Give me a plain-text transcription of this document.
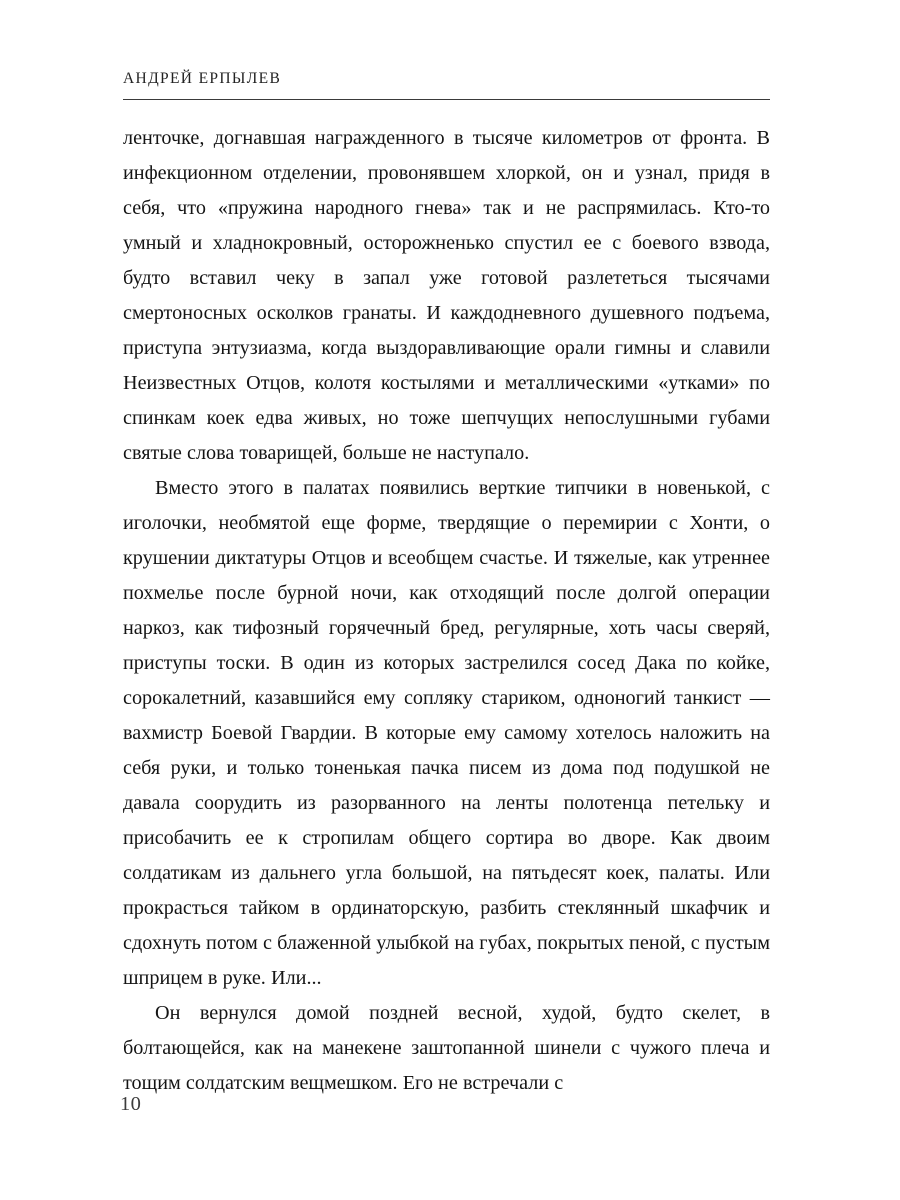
АНДРЕЙ ЕРПЫЛЕВ

ленточке, догнавшая награжденного в тысяче километров от фронта. В инфекционном отделении, провонявшем хлоркой, он и узнал, придя в себя, что «пружина народного гнева» так и не распрямилась. Кто-то умный и хладнокровный, осторожненько спустил ее с боевого взвода, будто вставил чеку в запал уже готовой разлететься тысячами смертоносных осколков гранаты. И каждодневного душевного подъема, приступа энтузиазма, когда выздоравливающие орали гимны и славили Неизвестных Отцов, колотя костылями и металлическими «утками» по спинкам коек едва живых, но тоже шепчущих непослушными губами святые слова товарищей, больше не наступало.

Вместо этого в палатах появились верткие типчики в новенькой, с иголочки, необмятой еще форме, твердящие о перемирии с Хонти, о крушении диктатуры Отцов и всеобщем счастье. И тяжелые, как утреннее похмелье после бурной ночи, как отходящий после долгой операции наркоз, как тифозный горячечный бред, регулярные, хоть часы сверяй, приступы тоски. В один из которых застрелился сосед Дака по койке, сорокалетний, казавшийся ему сопляку стариком, одноногий танкист — вахмистр Боевой Гвардии. В которые ему самому хотелось наложить на себя руки, и только тоненькая пачка писем из дома под подушкой не давала соорудить из разорванного на ленты полотенца петельку и присобачить ее к стропилам общего сортира во дворе. Как двоим солдатикам из дальнего угла большой, на пятьдесят коек, палаты. Или прокрасться тайком в ординаторскую, разбить стеклянный шкафчик и сдохнуть потом с блаженной улыбкой на губах, покрытых пеной, с пустым шприцем в руке. Или...

Он вернулся домой поздней весной, худой, будто скелет, в болтающейся, как на манекене заштопанной шинели с чужого плеча и тощим солдатским вещмешком. Его не встречали с

10
